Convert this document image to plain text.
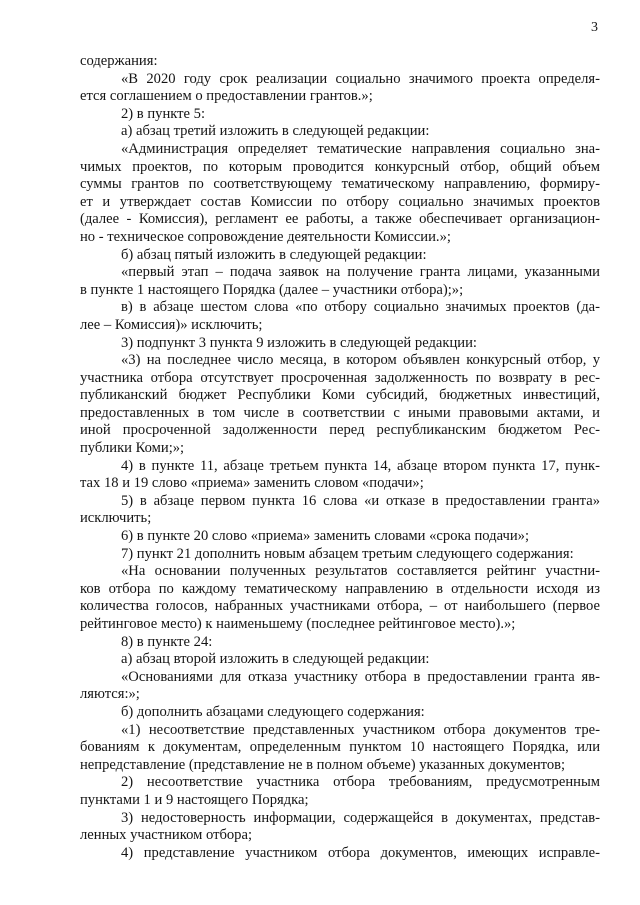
3
содержания:
«В 2020 году срок реализации социально значимого проекта определя-
ется соглашением о предоставлении грантов.»;
2) в пункте 5:
а) абзац третий изложить в следующей редакции:
«Администрация определяет тематические направления социально зна-
чимых проектов, по которым проводится конкурсный отбор, общий объем
суммы грантов по соответствующему тематическому направлению, формиру-
ет и утверждает состав Комиссии по отбору социально значимых проектов
(далее - Комиссия), регламент ее работы, а также обеспечивает организацион-
но - техническое сопровождение деятельности Комиссии.»;
б) абзац пятый изложить в следующей редакции:
«первый этап – подача заявок на получение гранта лицами, указанными
в пункте 1 настоящего Порядка (далее – участники отбора);»;
в) в абзаце шестом слова «по отбору социально значимых проектов (да-
лее – Комиссия)» исключить;
3) подпункт 3 пункта 9 изложить в следующей редакции:
«3) на последнее число месяца, в котором объявлен конкурсный отбор, у
участника отбора отсутствует просроченная задолженность по возврату в рес-
публиканский бюджет Республики Коми субсидий, бюджетных инвестиций,
предоставленных в том числе в соответствии с иными правовыми актами, и
иной просроченной задолженности перед республиканским бюджетом Рес-
публики Коми;»;
4) в пункте 11, абзаце третьем пункта 14, абзаце втором пункта 17, пунк-
тах 18 и 19 слово «приема» заменить словом «подачи»;
5) в абзаце первом пункта 16 слова «и отказе в предоставлении гранта»
исключить;
6) в пункте 20 слово «приема» заменить словами «срока подачи»;
7) пункт 21 дополнить новым абзацем третьим следующего содержания:
«На основании полученных результатов составляется рейтинг участни-
ков отбора по каждому тематическому направлению в отдельности исходя из
количества голосов, набранных участниками отбора, – от наибольшего (первое
рейтинговое место) к наименьшему (последнее рейтинговое место).»;
8) в пункте 24:
а) абзац второй изложить в следующей редакции:
«Основаниями для отказа участнику отбора в предоставлении гранта яв-
ляются:»;
б) дополнить абзацами следующего содержания:
«1) несоответствие представленных участником отбора документов тре-
бованиям к документам, определенным пунктом 10 настоящего Порядка, или
непредставление (представление не в полном объеме) указанных документов;
2) несоответствие участника отбора требованиям, предусмотренным
пунктами 1 и 9 настоящего Порядка;
3) недостоверность информации, содержащейся в документах, представ-
ленных участником отбора;
4) представление участником отбора документов, имеющих исправле-
